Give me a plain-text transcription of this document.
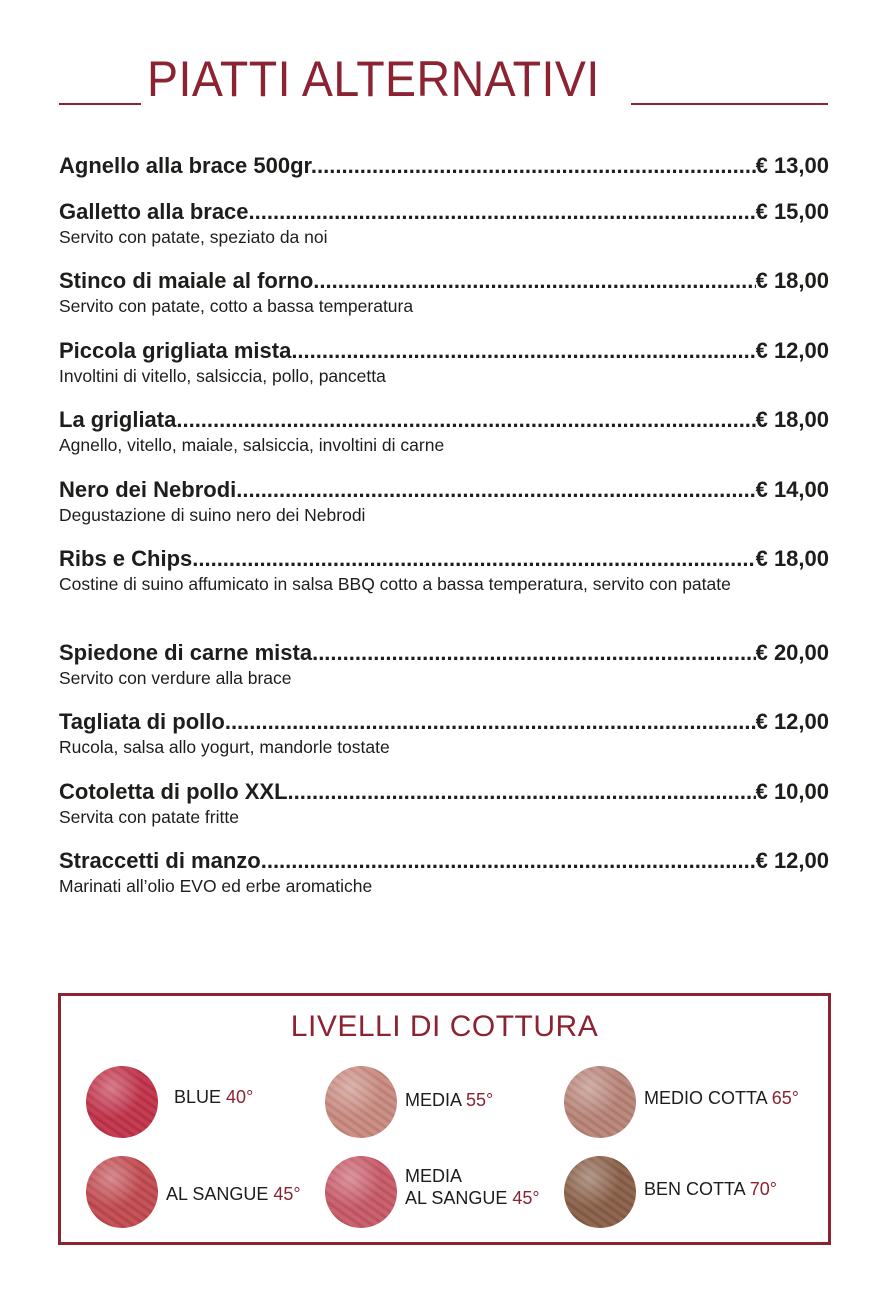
PIATTI ALTERNATIVI
Agnello alla brace 500gr. .....	€ 13,00
Galletto alla brace .....	€ 15,00
Servito con patate, speziato da noi
Stinco di maiale al forno .....	€ 18,00
Servito con patate, cotto a bassa temperatura
Piccola grigliata mista .....	€ 12,00
Involtini di vitello, salsiccia, pollo, pancetta
La grigliata .....	€ 18,00
Agnello, vitello, maiale, salsiccia, involtini di carne
Nero dei Nebrodi .....	€ 14,00
Degustazione di suino nero dei Nebrodi
Ribs e Chips .....	€ 18,00
Costine di suino affumicato in salsa BBQ cotto a bassa temperatura, servito con patate
Spiedone di carne mista .....	€ 20,00
Servito con verdure alla brace
Tagliata di pollo .....	€ 12,00
Rucola, salsa allo yogurt, mandorle tostate
Cotoletta di pollo XXL .....	€ 10,00
Servita con patate fritte
Straccetti di manzo .....	€ 12,00
Marinati all’olio EVO ed erbe aromatiche
LIVELLI DI COTTURA
BLUE 40°	MEDIA 55°	MEDIO COTTA 65°
AL SANGUE 45°
MEDIA
AL SANGUE 45°	BEN COTTA 70°
